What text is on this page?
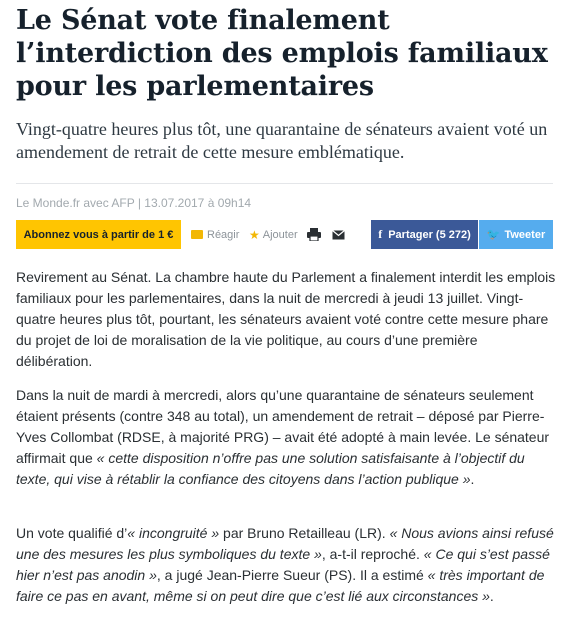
Le Sénat vote finalement l’interdiction des emplois familiaux pour les parlementaires

Vingt-quatre heures plus tôt, une quarantaine de sénateurs avaient voté un amendement de retrait de cette mesure emblématique.

Le Monde.fr avec AFP | 13.07.2017 à 09h14
Abonnez vous à partir de 1 €	Réagir ★ Ajouter	f Partager (5 272) 🐦 Tweeter

Revirement au Sénat. La chambre haute du Parlement a finalement interdit les emplois familiaux pour les parlementaires, dans la nuit de mercredi à jeudi 13 juillet. Vingt-quatre heures plus tôt, pourtant, les sénateurs avaient voté contre cette mesure phare du projet de loi de moralisation de la vie politique, au cours d’une première délibération.

Dans la nuit de mardi à mercredi, alors qu’une quarantaine de sénateurs seulement étaient présents (contre 348 au total), un amendement de retrait – déposé par Pierre-Yves Collombat (RDSE, à majorité PRG) – avait été adopté à main levée. Le sénateur affirmait que « cette disposition n’offre pas une solution satisfaisante à l’objectif du texte, qui vise à rétablir la confiance des citoyens dans l’action publique ».

Un vote qualifié d’« incongruité » par Bruno Retailleau (LR). « Nous avions ainsi refusé une des mesures les plus symboliques du texte », a-t-il reproché. « Ce qui s’est passé hier n’est pas anodin », a jugé Jean-Pierre Sueur (PS). Il a estimé « très important de faire ce pas en avant, même si on peut dire que c’est lié aux circonstances ».
